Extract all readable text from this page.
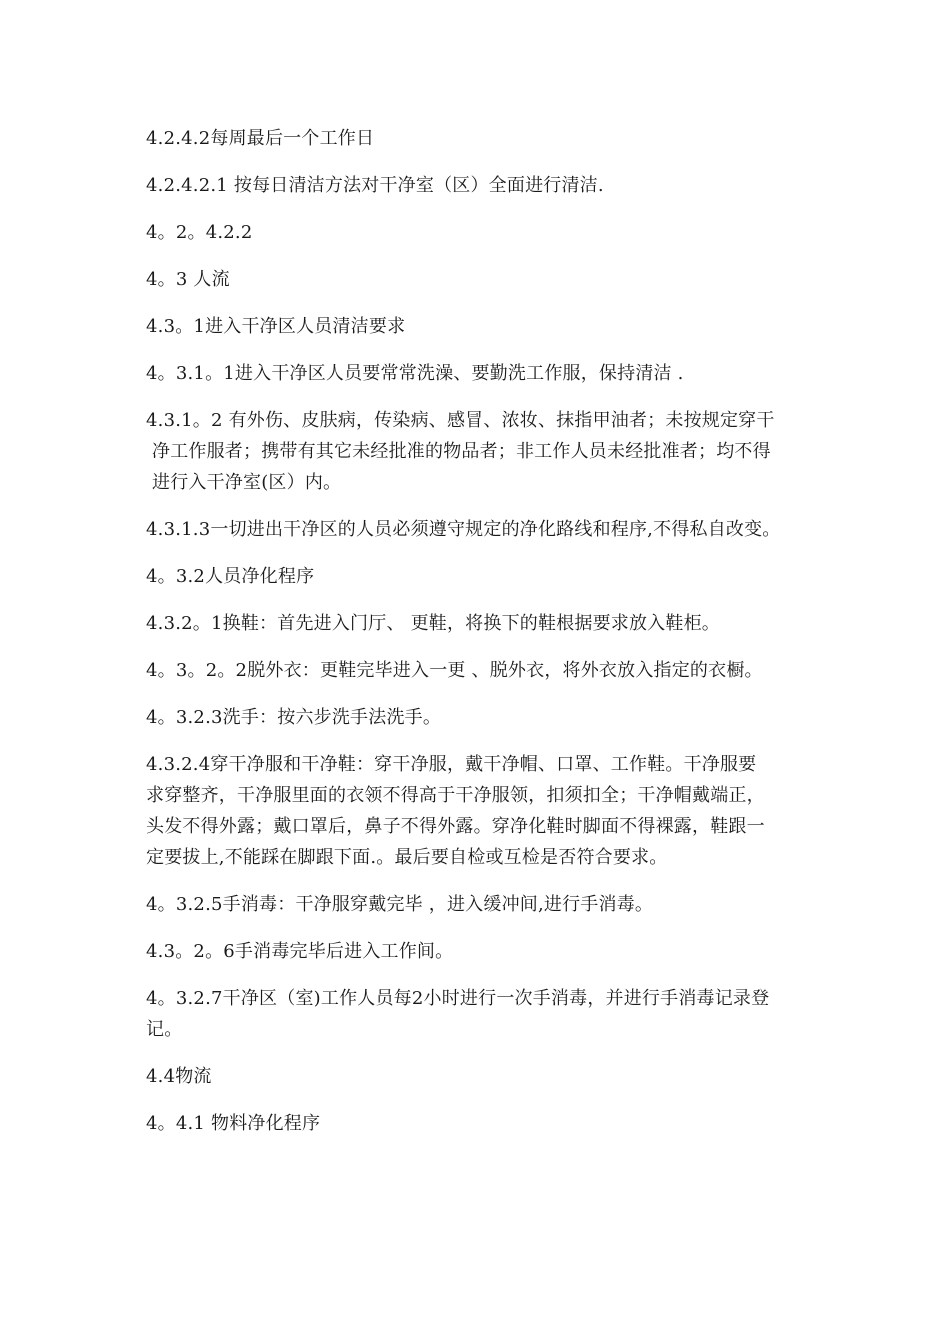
4.2.4.2每周最后一个工作日
4.2.4.2.1 按每日清洁方法对干净室（区）全面进行清洁.
4。2。4.2.2
4。3 人流
4.3。1进入干净区人员清洁要求
4。3.1。1进入干净区人员要常常洗澡、要勤洗工作服，保持清洁 .
4.3.1。2 有外伤、皮肤病，传染病、感冒、浓妆、抹指甲油者；未按规定穿干
净工作服者；携带有其它未经批准的物品者；非工作人员未经批准者；均不得
进行入干净室(区）内。
4.3.1.3一切进出干净区的人员必须遵守规定的净化路线和程序,不得私自改变。
4。3.2人员净化程序
4.3.2。1换鞋：首先进入门厅、 更鞋，将换下的鞋根据要求放入鞋柜。
4。3。2。2脱外衣：更鞋完毕进入一更 、脱外衣，将外衣放入指定的衣橱。
4。3.2.3洗手：按六步洗手法洗手。
4.3.2.4穿干净服和干净鞋：穿干净服，戴干净帽、口罩、工作鞋。干净服要
求穿整齐，干净服里面的衣领不得高于干净服领，扣须扣全；干净帽戴端正，
头发不得外露；戴口罩后，鼻子不得外露。穿净化鞋时脚面不得裸露，鞋跟一
定要拔上,不能踩在脚跟下面.。最后要自检或互检是否符合要求。
4。3.2.5手消毒：干净服穿戴完毕 ，进入缓冲间,进行手消毒。
4.3。2。6手消毒完毕后进入工作间。
4。3.2.7干净区（室)工作人员每2小时进行一次手消毒，并进行手消毒记录登
记。
4.4物流
4。4.1 物料净化程序
